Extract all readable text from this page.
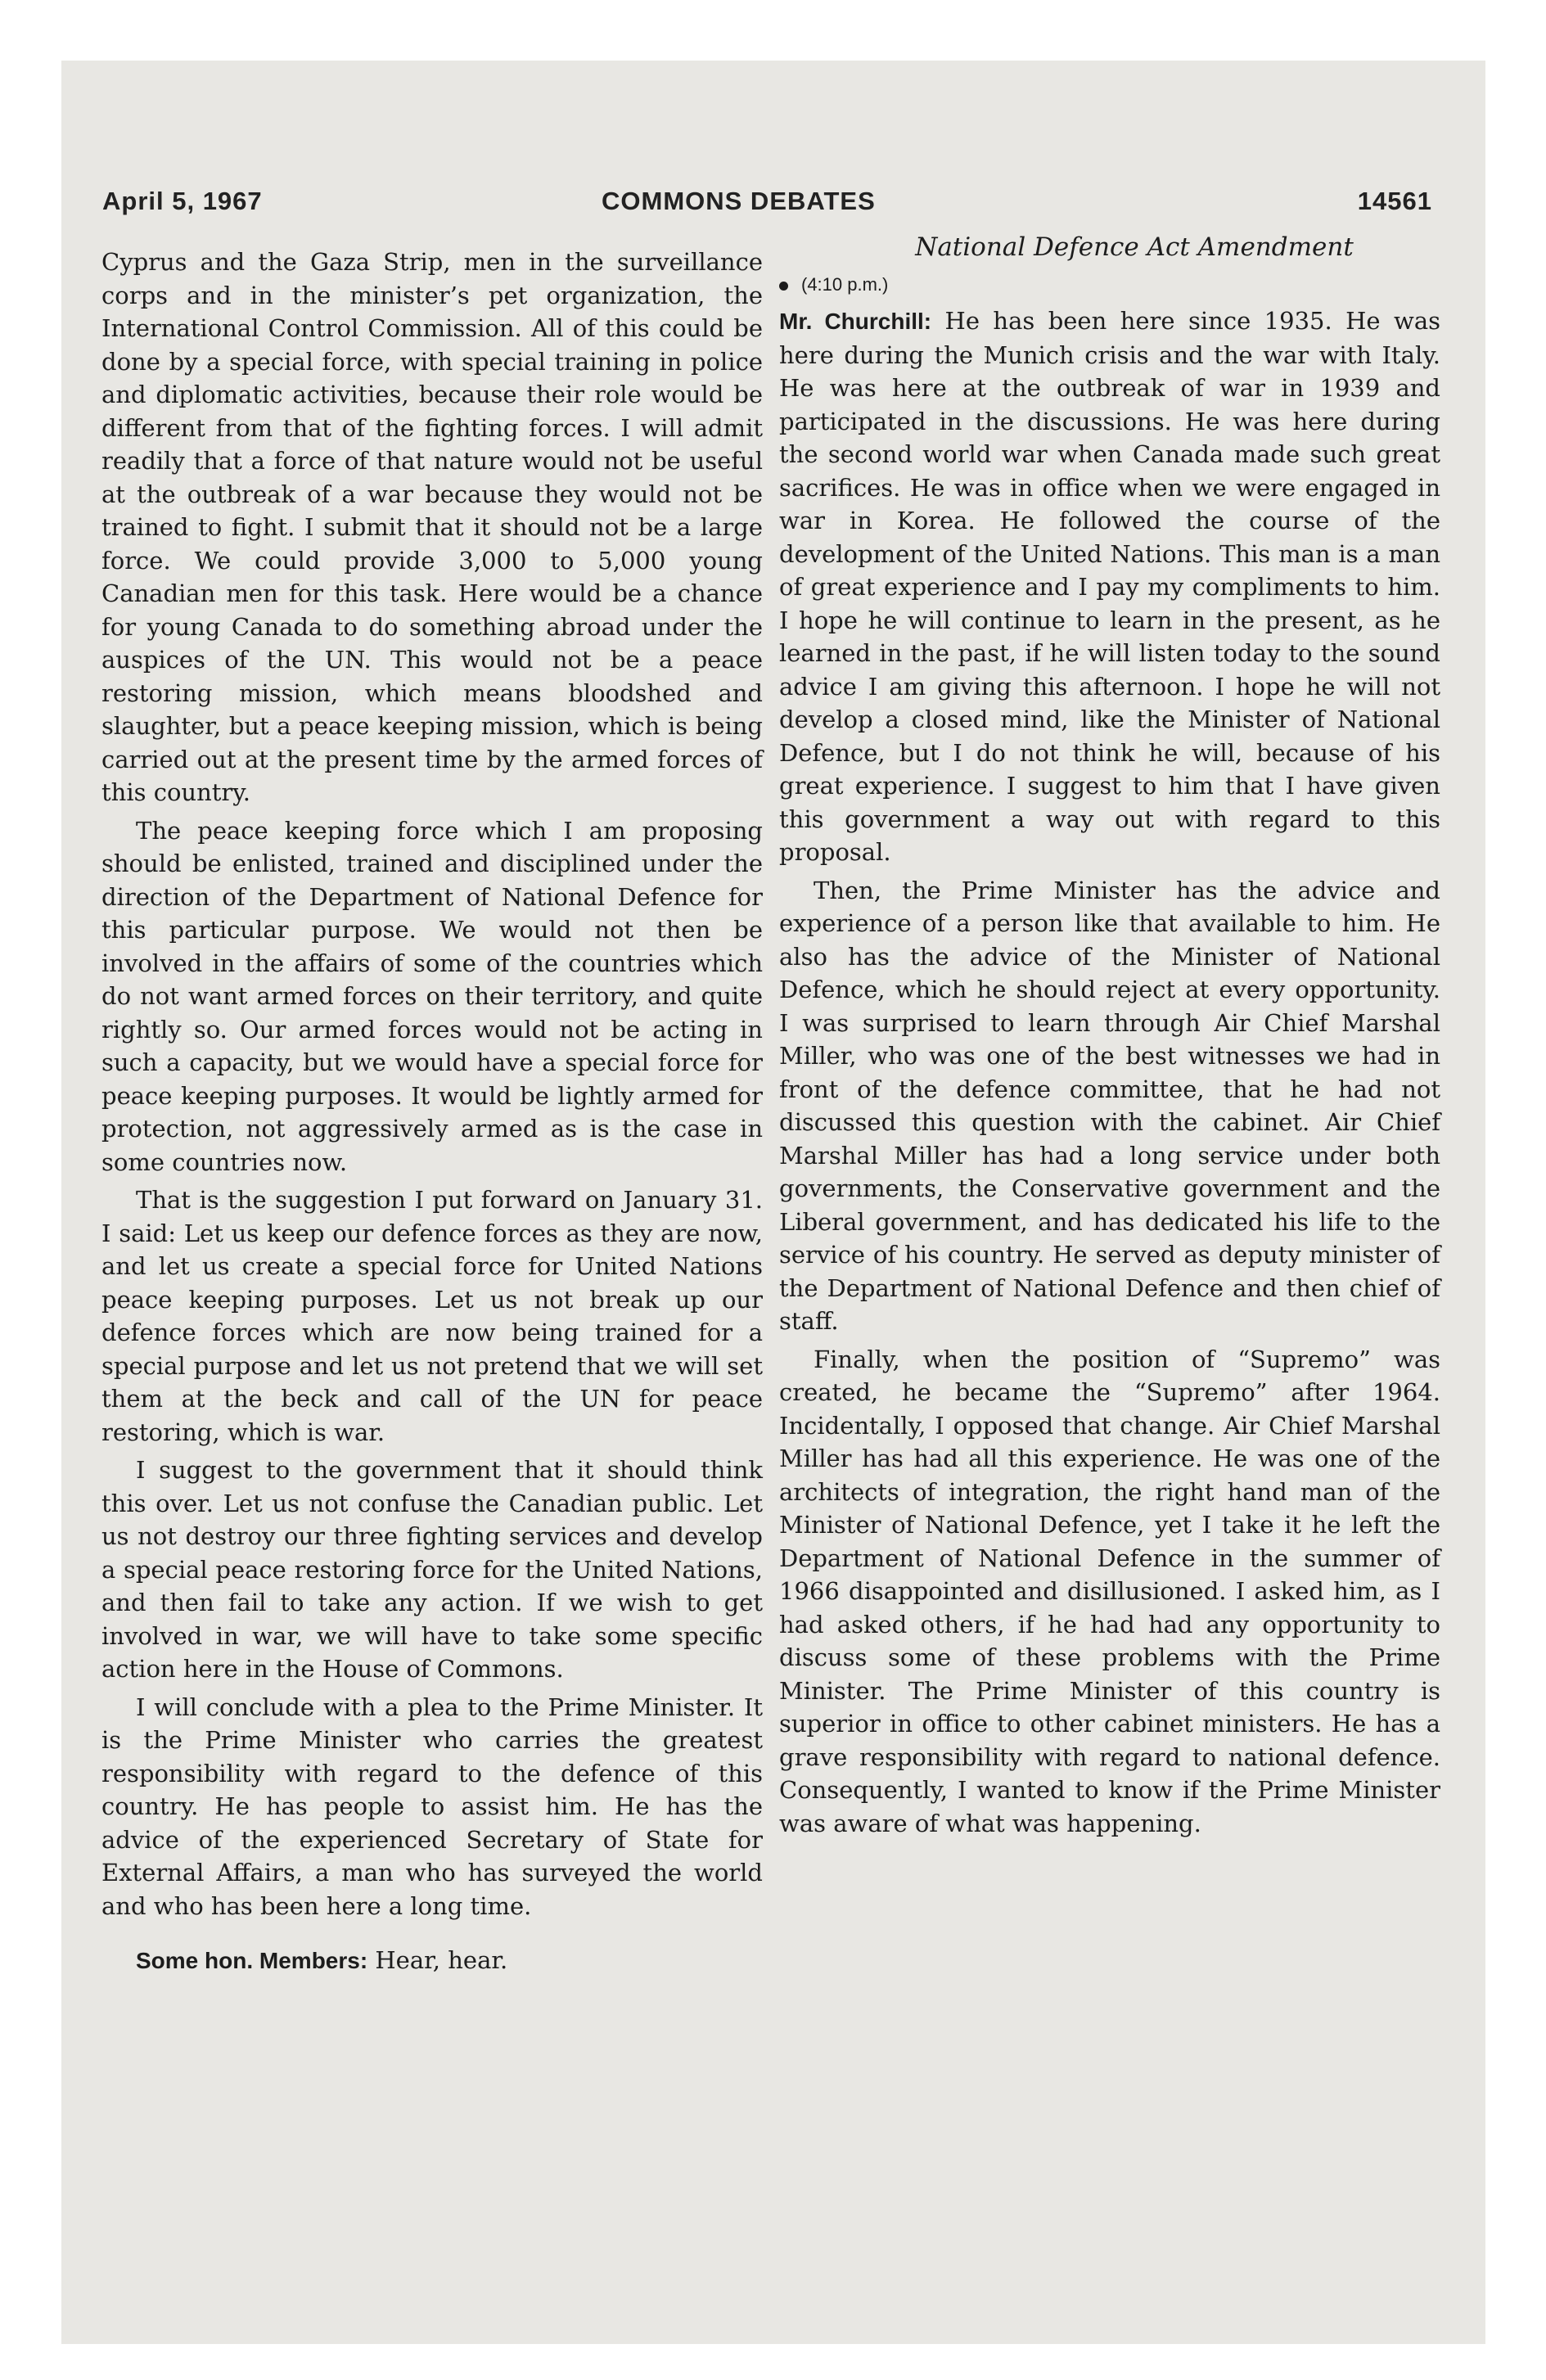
April 5, 1967	COMMONS DEBATES	14561

Cyprus and the Gaza Strip, men in the surveillance corps and in the minister’s pet organization, the International Control Commission. All of this could be done by a special force, with special training in police and diplomatic activities, because their role would be different from that of the fighting forces. I will admit readily that a force of that nature would not be useful at the outbreak of a war because they would not be trained to fight. I submit that it should not be a large force. We could provide 3,000 to 5,000 young Canadian men for this task. Here would be a chance for young Canada to do something abroad under the auspices of the UN. This would not be a peace restoring mission, which means bloodshed and slaughter, but a peace keeping mission, which is being carried out at the present time by the armed forces of this country.

The peace keeping force which I am proposing should be enlisted, trained and disciplined under the direction of the Department of National Defence for this particular purpose. We would not then be involved in the affairs of some of the countries which do not want armed forces on their territory, and quite rightly so. Our armed forces would not be acting in such a capacity, but we would have a special force for peace keeping purposes. It would be lightly armed for protection, not aggressively armed as is the case in some countries now.

That is the suggestion I put forward on January 31. I said: Let us keep our defence forces as they are now, and let us create a special force for United Nations peace keeping purposes. Let us not break up our defence forces which are now being trained for a special purpose and let us not pretend that we will set them at the beck and call of the UN for peace restoring, which is war.

I suggest to the government that it should think this over. Let us not confuse the Canadian public. Let us not destroy our three fighting services and develop a special peace restoring force for the United Nations, and then fail to take any action. If we wish to get involved in war, we will have to take some specific action here in the House of Commons.

I will conclude with a plea to the Prime Minister. It is the Prime Minister who carries the greatest responsibility with regard to the defence of this country. He has people to assist him. He has the advice of the experienced Secretary of State for External Affairs, a man who has surveyed the world and who has been here a long time.

Some hon. Members: Hear, hear.

National Defence Act Amendment
(4:10 p.m.)

Mr. Churchill: He has been here since 1935. He was here during the Munich crisis and the war with Italy. He was here at the outbreak of war in 1939 and participated in the discussions. He was here during the second world war when Canada made such great sacrifices. He was in office when we were engaged in war in Korea. He followed the course of the development of the United Nations. This man is a man of great experience and I pay my compliments to him. I hope he will continue to learn in the present, as he learned in the past, if he will listen today to the sound advice I am giving this afternoon. I hope he will not develop a closed mind, like the Minister of National Defence, but I do not think he will, because of his great experience. I suggest to him that I have given this government a way out with regard to this proposal.

Then, the Prime Minister has the advice and experience of a person like that available to him. He also has the advice of the Minister of National Defence, which he should reject at every opportunity. I was surprised to learn through Air Chief Marshal Miller, who was one of the best witnesses we had in front of the defence committee, that he had not discussed this question with the cabinet. Air Chief Marshal Miller has had a long service under both governments, the Conservative government and the Liberal government, and has dedicated his life to the service of his country. He served as deputy minister of the Department of National Defence and then chief of staff.

Finally, when the position of “Supremo” was created, he became the “Supremo” after 1964. Incidentally, I opposed that change. Air Chief Marshal Miller has had all this experience. He was one of the architects of integration, the right hand man of the Minister of National Defence, yet I take it he left the Department of National Defence in the summer of 1966 disappointed and disillusioned. I asked him, as I had asked others, if he had had any opportunity to discuss some of these problems with the Prime Minister. The Prime Minister of this country is superior in office to other cabinet ministers. He has a grave responsibility with regard to national defence. Consequently, I wanted to know if the Prime Minister was aware of what was happening.
